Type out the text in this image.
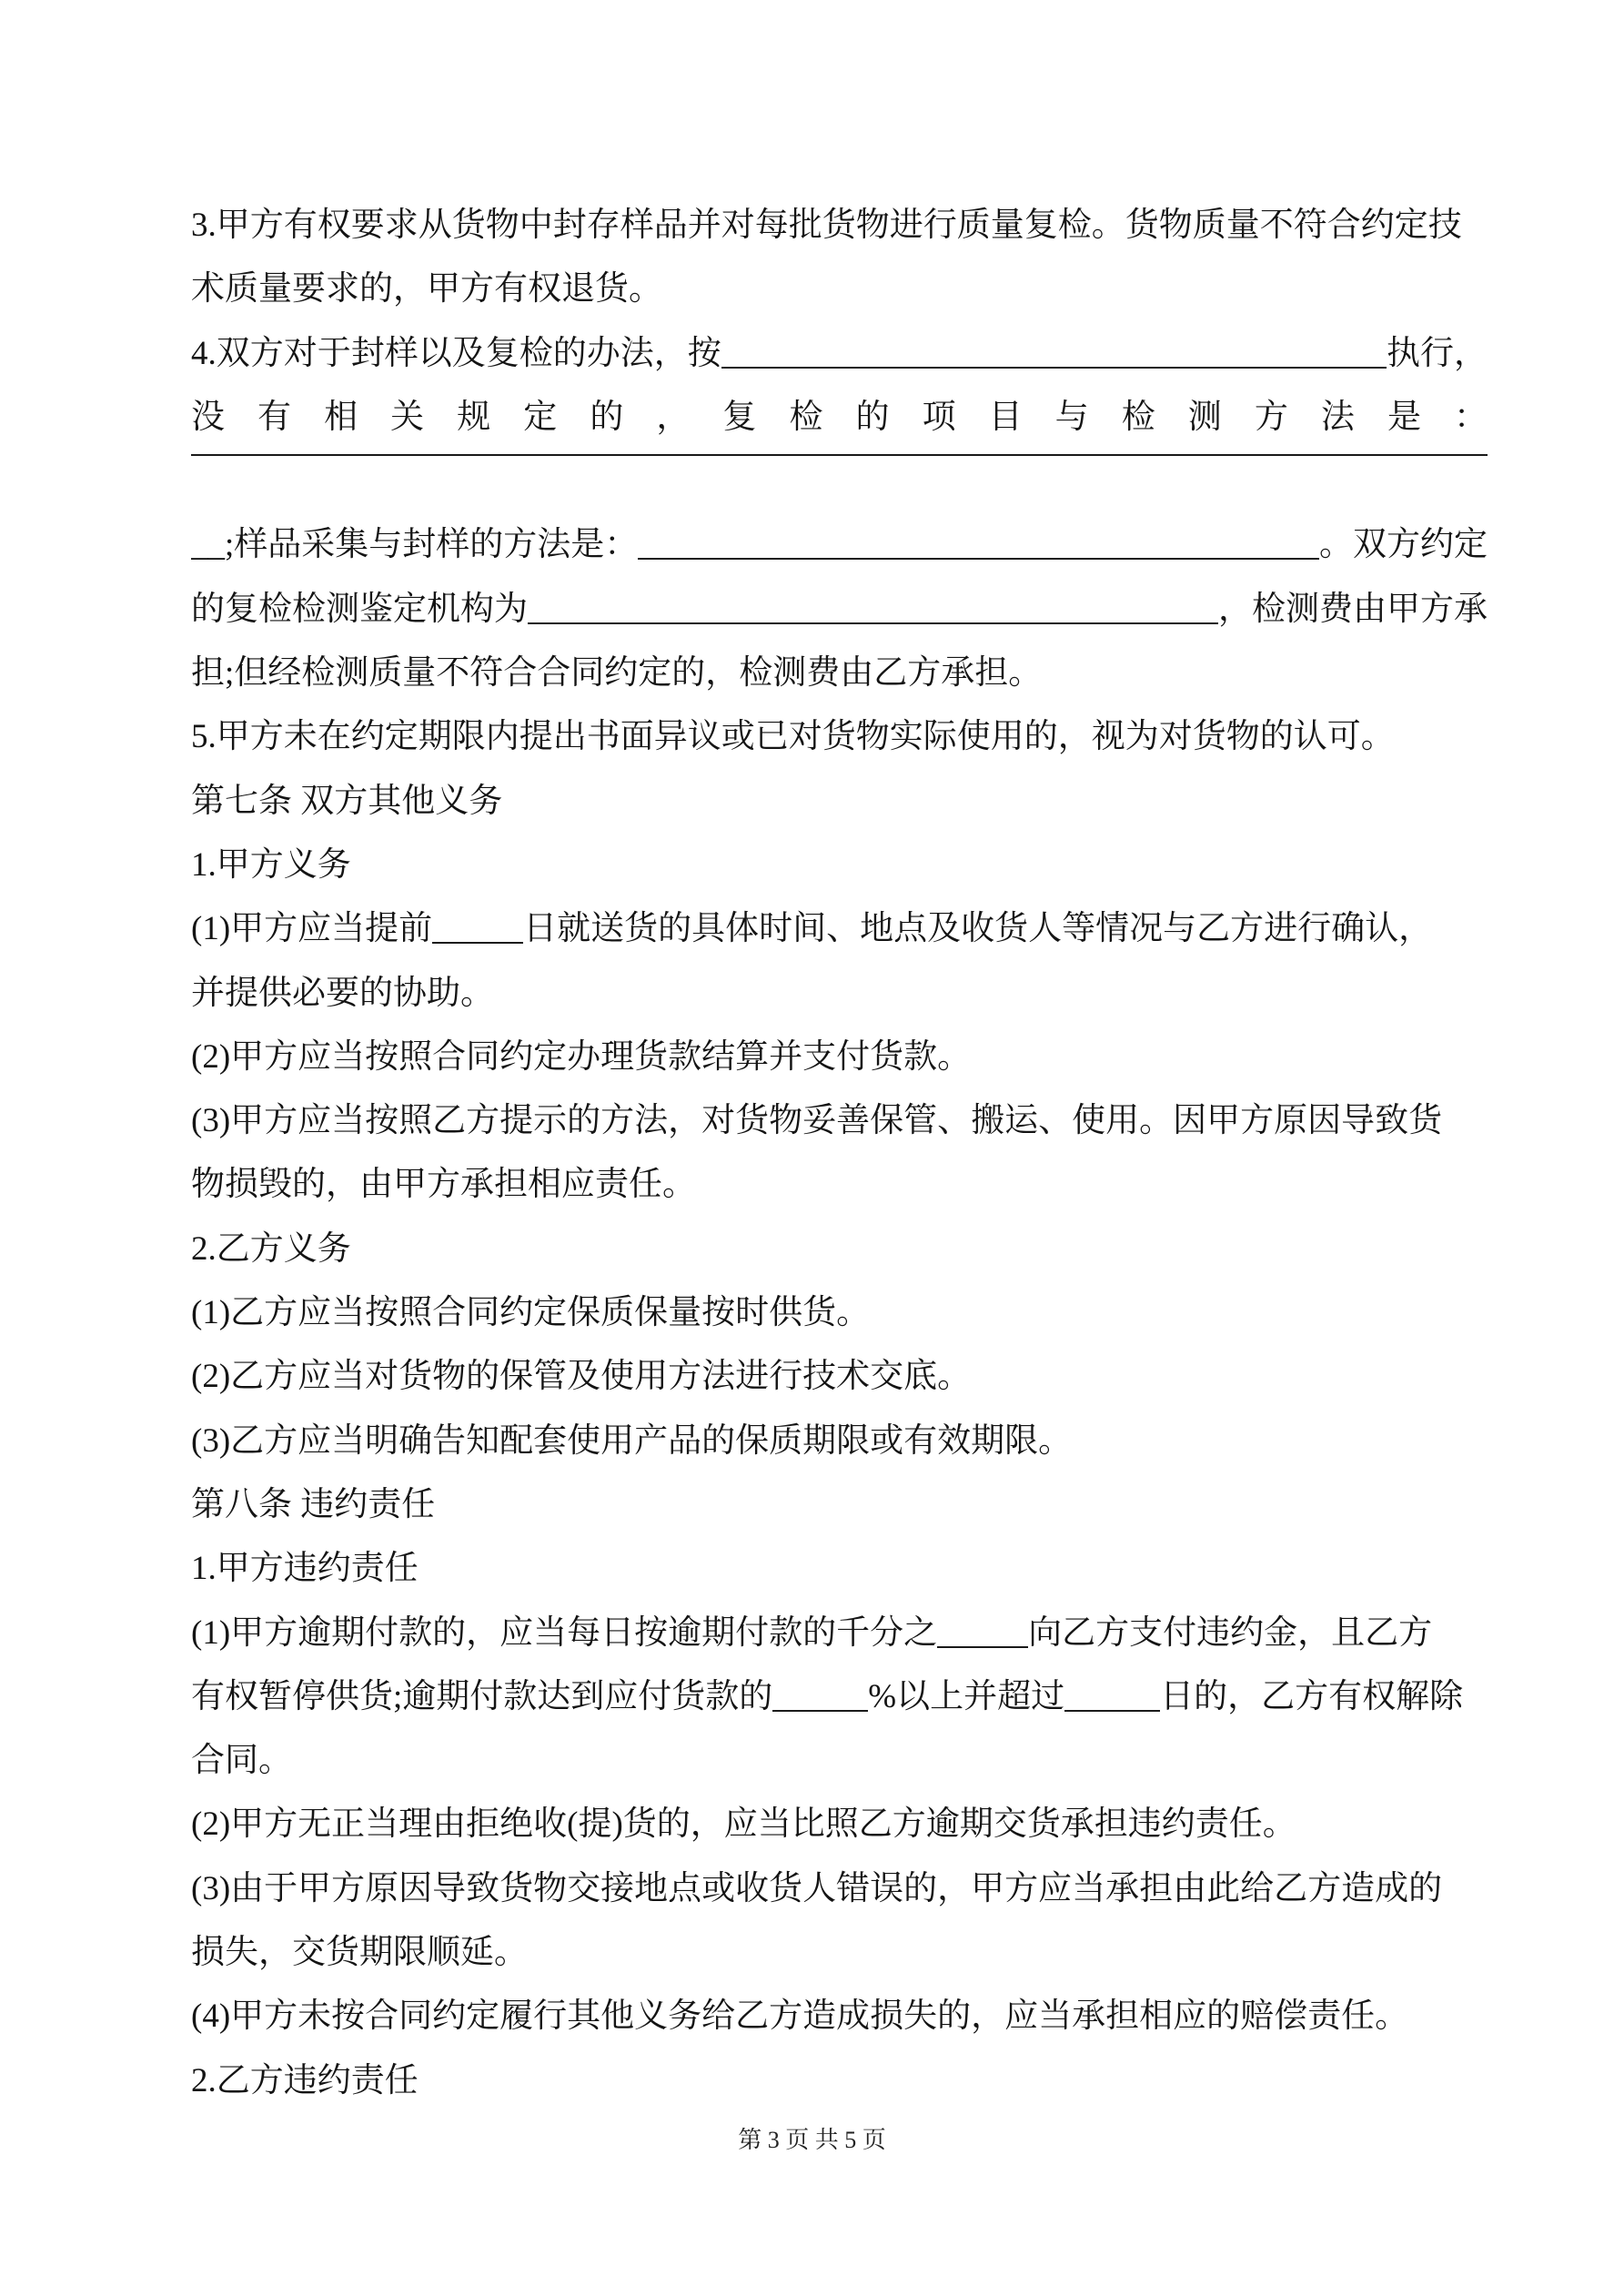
3.甲方有权要求从货物中封存样品并对每批货物进行质量复检。货物质量不符合约定技
术质量要求的，甲方有权退货。
4.双方对于封样以及复检的办法，按	执行，
没有相关规定的，复检的项目与检测方法是：
__;样品采集与封样的方法是：	。双方约定
的复检检测鉴定机构为	，检测费由甲方承
担;但经检测质量不符合合同约定的，检测费由乙方承担。
5.甲方未在约定期限内提出书面异议或已对货物实际使用的，视为对货物的认可。
第七条 双方其他义务
1.甲方义务
(1)甲方应当提前	日就送货的具体时间、地点及收货人等情况与乙方进行确认，
并提供必要的协助。
(2)甲方应当按照合同约定办理货款结算并支付货款。
(3)甲方应当按照乙方提示的方法，对货物妥善保管、搬运、使用。因甲方原因导致货
物损毁的，由甲方承担相应责任。
2.乙方义务
(1)乙方应当按照合同约定保质保量按时供货。
(2)乙方应当对货物的保管及使用方法进行技术交底。
(3)乙方应当明确告知配套使用产品的保质期限或有效期限。
第八条 违约责任
1.甲方违约责任
(1)甲方逾期付款的，应当每日按逾期付款的千分之	向乙方支付违约金，且乙方
有权暂停供货;逾期付款达到应付货款的	%以上并超过	日的，乙方有权解除
合同。
(2)甲方无正当理由拒绝收(提)货的，应当比照乙方逾期交货承担违约责任。
(3)由于甲方原因导致货物交接地点或收货人错误的，甲方应当承担由此给乙方造成的
损失，交货期限顺延。
(4)甲方未按合同约定履行其他义务给乙方造成损失的，应当承担相应的赔偿责任。
2.乙方违约责任
第 3 页 共 5 页
